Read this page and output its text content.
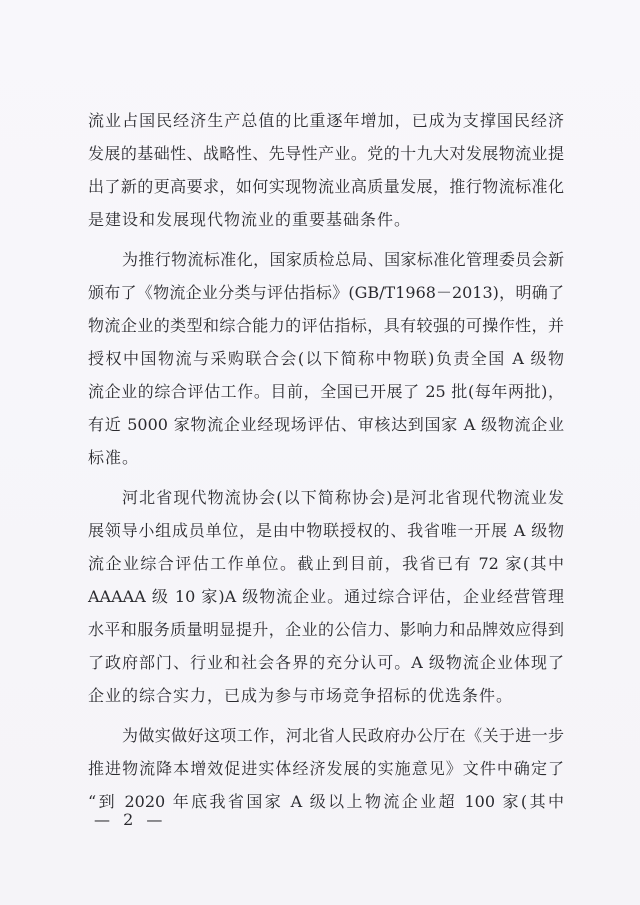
流业占国民经济生产总值的比重逐年增加，已成为支撑国民经济
发展的基础性、战略性、先导性产业。党的十九大对发展物流业提
出了新的更高要求，如何实现物流业高质量发展，推行物流标准化
是建设和发展现代物流业的重要基础条件。
为推行物流标准化，国家质检总局、国家标准化管理委员会新
颁布了《物流企业分类与评估指标》(GB/T1968－2013)，明确了
物流企业的类型和综合能力的评估指标，具有较强的可操作性，并
授权中国物流与采购联合会(以下简称中物联)负责全国 A 级物
流企业的综合评估工作。目前，全国已开展了 25 批(每年两批)，
有近 5000 家物流企业经现场评估、审核达到国家 A 级物流企业
标准。
河北省现代物流协会(以下简称协会)是河北省现代物流业发
展领导小组成员单位，是由中物联授权的、我省唯一开展 A 级物
流企业综合评估工作单位。截止到目前，我省已有 72 家(其中
AAAAA 级 10 家)A 级物流企业。通过综合评估，企业经营管理
水平和服务质量明显提升，企业的公信力、影响力和品牌效应得到
了政府部门、行业和社会各界的充分认可。A 级物流企业体现了
企业的综合实力，已成为参与市场竞争招标的优选条件。
为做实做好这项工作，河北省人民政府办公厅在《关于进一步
推进物流降本增效促进实体经济发展的实施意见》文件中确定了
“到 2020 年底我省国家 A 级以上物流企业超 100 家(其中
— 2 —
